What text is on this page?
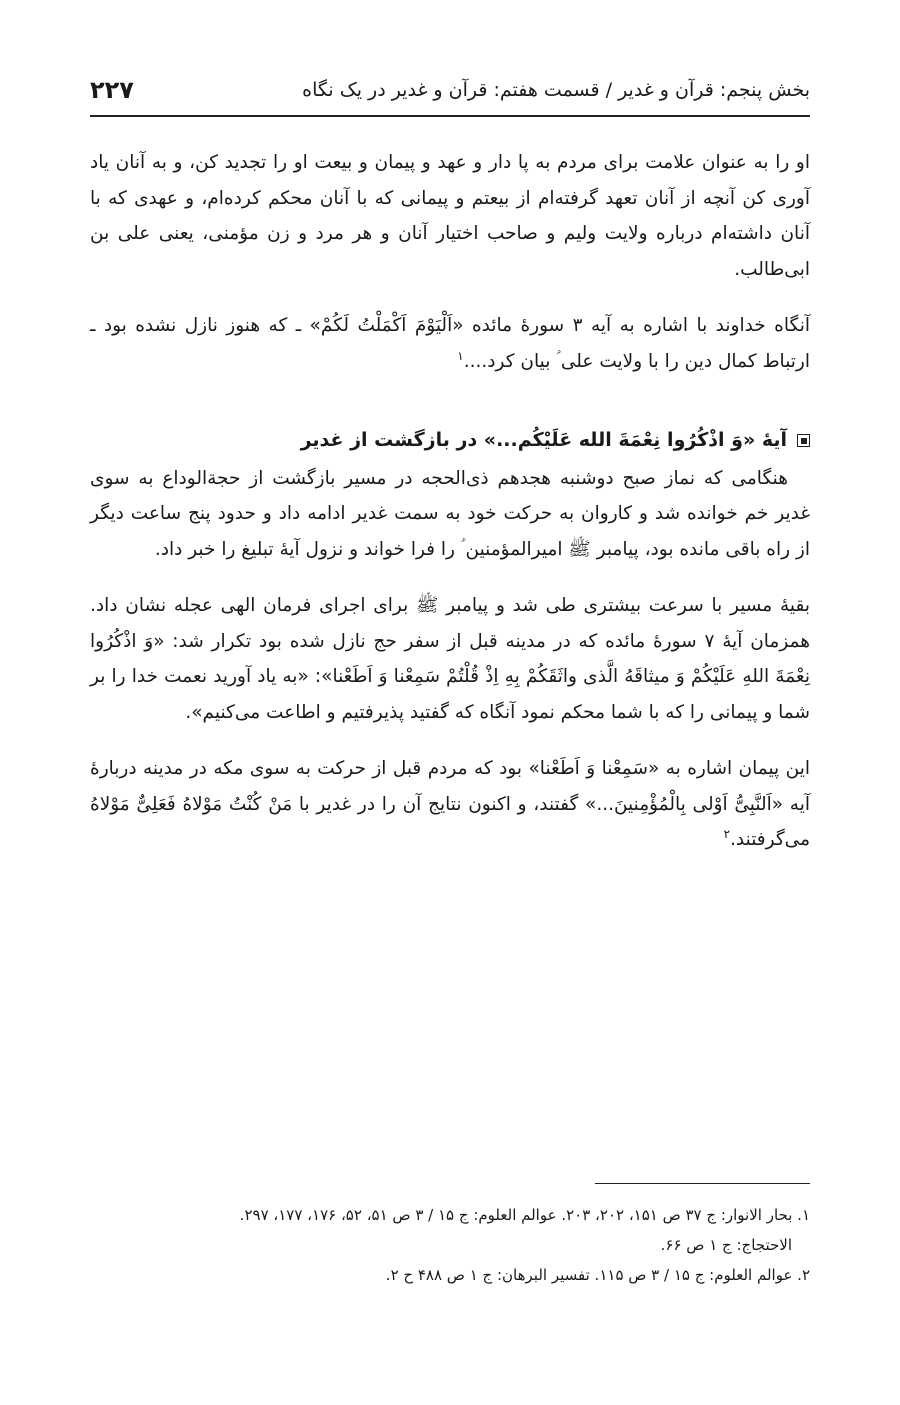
بخش پنجم: قرآن و غدیر / قسمت هفتم: قرآن و غدیر در یک نگاه
۲۲۷

او را به عنوان علامت برای مردم به پا دار و عهد و پیمان و بیعت او را تجدید کن، و به آنان یاد آوری کن آنچه از آنان تعهد گرفته‌ام از بیعتم و پیمانی که با آنان محکم کرده‌ام، و عهدی که با آنان داشته‌ام درباره ولایت ولیم و صاحب اختیار آنان و هر مرد و زن مؤمنی، یعنی علی بن ابی‌طالب.

آنگاه خداوند با اشاره به آیه ۳ سورهٔ مائده «اَلْیَوْمَ اَکْمَلْتُ لَکُمْ» ـ که هنوز نازل نشده بود ـ ارتباط کمال دین را با ولایت علی ؑ بیان کرد....$^۱$

آیهٔ «وَ اذْکُرُوا نِعْمَةَ الله عَلَیْکُم...» در بازگشت از غدیر

هنگامی که نماز صبح دوشنبه هجدهم ذی‌الحجه در مسیر بازگشت از حجة‌الوداع به سوی غدیر خم خوانده شد و کاروان به حرکت خود به سمت غدیر ادامه داد و حدود پنج ساعت دیگر از راه باقی مانده بود، پیامبر ﷺ امیرالمؤمنین ؑ را فرا خواند و نزول آیهٔ تبلیغ را خبر داد.

بقیهٔ مسیر با سرعت بیشتری طی شد و پیامبر ﷺ برای اجرای فرمان الهی عجله نشان داد. همزمان آیهٔ ۷ سورهٔ مائده که در مدینه قبل از سفر حج نازل شده بود تکرار شد: «وَ اذْکُرُوا نِعْمَةَ اللهِ عَلَیْکُمْ وَ میثاقَهُ الَّذی واثَقَکُمْ بِهِ اِذْ قُلْتُمْ سَمِعْنا وَ اَطَعْنا»: «به یاد آورید نعمت خدا را بر شما و پیمانی را که با شما محکم نمود آنگاه که گفتید پذیرفتیم و اطاعت می‌کنیم».

این پیمان اشاره به «سَمِعْنا وَ اَطَعْنا» بود که مردم قبل از حرکت به سوی مکه در مدینه دربارهٔ آیه «اَلنَّبِیُّ اَوْلی بِالْمُؤْمِنینَ...» گفتند، و اکنون نتایج آن را در غدیر با مَنْ کُنْتُ مَوْلاهُ فَعَلِیٌّ مَوْلاهُ می‌گرفتند.$^۲$

۱. بحار الانوار: ج ۳۷ ص ۱۵۱، ۲۰۲، ۲۰۳. عوالم العلوم: ج ۱۵ / ۳ ص ۵۱، ۵۲، ۱۷۶، ۱۷۷، ۲۹۷.
الاحتجاج: ج ۱ ص ۶۶.

۲. عوالم العلوم: ج ۱۵ / ۳ ص ۱۱۵. تفسیر البرهان: ج ۱ ص ۴۸۸ ح ۲.
